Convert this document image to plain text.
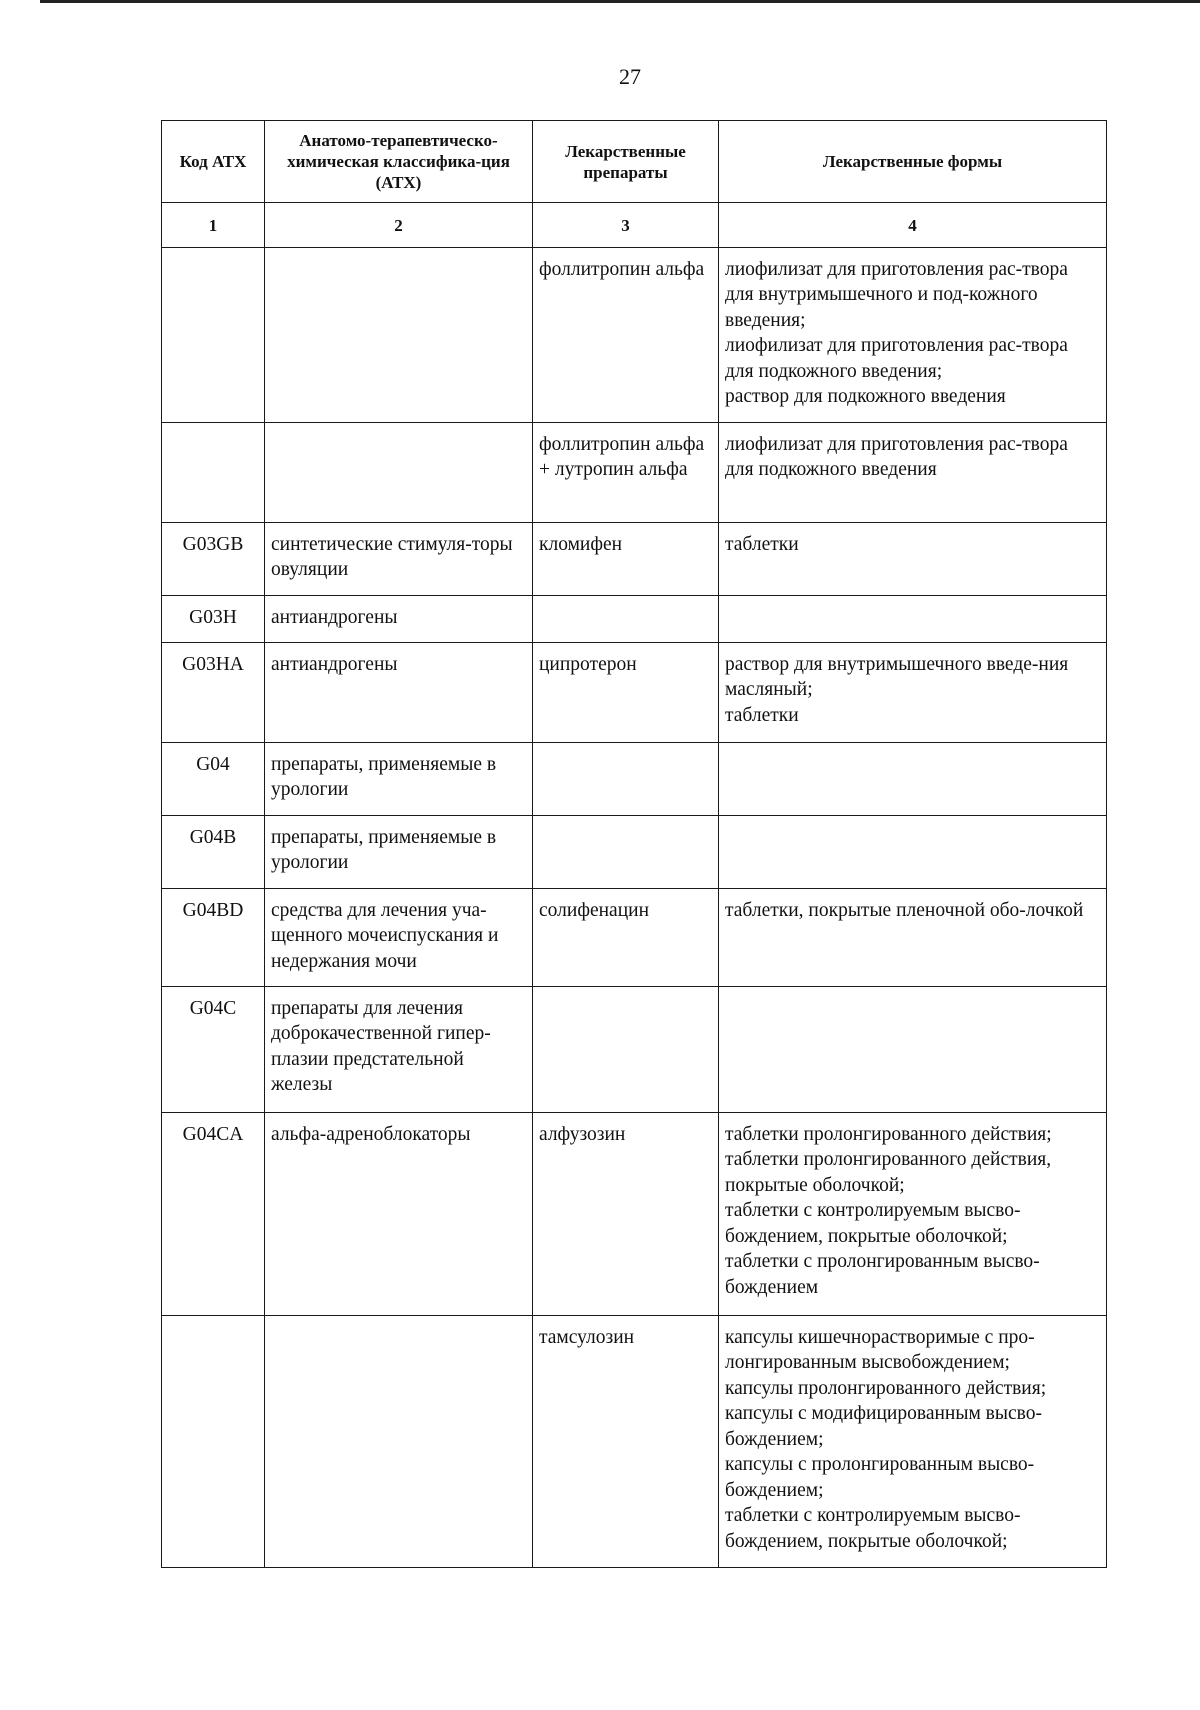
27
Код АТХ	Анатомо-терапевтическо-химическая классифика-ция (АТХ)	Лекарственные препараты	Лекарственные формы
1	2	3	4
		фоллитропин альфа	лиофилизат для приготовления рас-твора для внутримышечного и под-кожного введения;
лиофилизат для приготовления рас-твора для подкожного введения;
раствор для подкожного введения

		фоллитропин альфа + лутропин альфа	лиофилизат для приготовления рас-твора для подкожного введения

G03GB	синтетические стимуля-торы овуляции	кломифен	таблетки

G03H	антиандрогены		
G03HA	антиандрогены	ципротерон	раствор для внутримышечного введе-ния масляный;
таблетки

G04	препараты, применяемые в урологии		
G04B	препараты, применяемые в урологии		
G04BD	средства для лечения уча-щенного мочеиспускания и недержания мочи	солифенацин	таблетки, покрытые пленочной обо-лочкой

G04C	препараты для лечения доброкачественной гипер-плазии предстательной железы		
G04CA	альфа-адреноблокаторы	алфузозин	таблетки пролонгированного действия;
таблетки пролонгированного действия, покрытые оболочкой;
таблетки с контролируемым высво-бождением, покрытые оболочкой;
таблетки с пролонгированным высво-бождением

		тамсулозин	капсулы кишечнорастворимые с про-лонгированным высвобождением;
капсулы пролонгированного действия;
капсулы с модифицированным высво-бождением;
капсулы с пролонгированным высво-бождением;
таблетки с контролируемым высво-бождением, покрытые оболочкой;
